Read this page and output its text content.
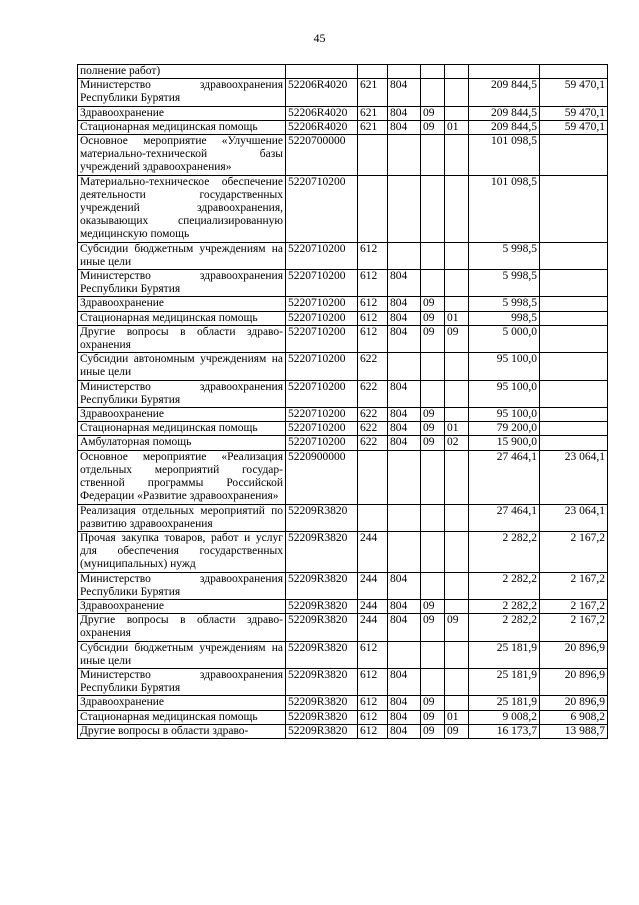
45
полнение работ)							
Министерство здравоохранения Республики Бурятия	52206R4020	621	804			209 844,5	59 470,1
Здравоохранение	52206R4020	621	804	09		209 844,5	59 470,1
Стационарная медицинская помощь	52206R4020	621	804	09	01	209 844,5	59 470,1
Основное мероприятие «Улучшение материально-технической базы учреждений здравоохранения»	5220700000					101 098,5	
Материально-техническое обеспечение деятельности государственных учреждений здравоохранения, оказывающих специализированную медицинскую помощь	5220710200					101 098,5	
Субсидии бюджетным учреждениям на иные цели	5220710200	612				5 998,5	
Министерство здравоохранения Республики Бурятия	5220710200	612	804			5 998,5	
Здравоохранение	5220710200	612	804	09		5 998,5	
Стационарная медицинская помощь	5220710200	612	804	09	01	998,5	
Другие вопросы в области здравоохранения	5220710200	612	804	09	09	5 000,0	
Субсидии автономным учреждениям на иные цели	5220710200	622				95 100,0	
Министерство здравоохранения Республики Бурятия	5220710200	622	804			95 100,0	
Здравоохранение	5220710200	622	804	09		95 100,0	
Стационарная медицинская помощь	5220710200	622	804	09	01	79 200,0	
Амбулаторная помощь	5220710200	622	804	09	02	15 900,0	
Основное мероприятие «Реализация отдельных мероприятий государственной программы Российской Федерации «Развитие здравоохранения»	5220900000					27 464,1	23 064,1
Реализация отдельных мероприятий по развитию здравоохранения	52209R3820					27 464,1	23 064,1
Прочая закупка товаров, работ и услуг для обеспечения государственных (муниципальных) нужд	52209R3820	244				2 282,2	2 167,2
Министерство здравоохранения Республики Бурятия	52209R3820	244	804			2 282,2	2 167,2
Здравоохранение	52209R3820	244	804	09		2 282,2	2 167,2
Другие вопросы в области здравоохранения	52209R3820	244	804	09	09	2 282,2	2 167,2
Субсидии бюджетным учреждениям на иные цели	52209R3820	612				25 181,9	20 896,9
Министерство здравоохранения Республики Бурятия	52209R3820	612	804			25 181,9	20 896,9
Здравоохранение	52209R3820	612	804	09		25 181,9	20 896,9
Стационарная медицинская помощь	52209R3820	612	804	09	01	9 008,2	6 908,2
Другие вопросы в области здраво-	52209R3820	612	804	09	09	16 173,7	13 988,7
